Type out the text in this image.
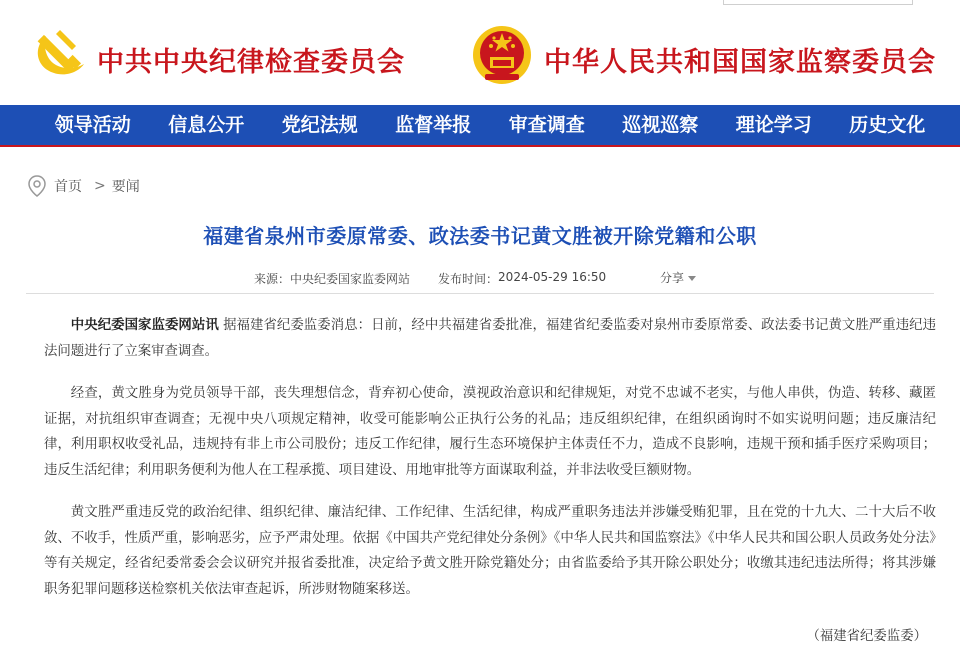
中共中央纪律检查委员会	中华人民共和国国家监察委员会
领导活动	信息公开	党纪法规	监督举报	审查调查	巡视巡察	理论学习	历史文化
首页 > 要闻
福建省泉州市委原常委、政法委书记黄文胜被开除党籍和公职
来源： 中央纪委国家监委网站 发布时间： 2024-05-29 16:50	分享

中央纪委国家监委网站讯 据福建省纪委监委消息：日前，经中共福建省委批准，福建省纪委监委对泉州市委原常委、政法委书记黄文胜严重违纪违法问题进行了立案审查调查。

经查，黄文胜身为党员领导干部，丧失理想信念，背弃初心使命，漠视政治意识和纪律规矩，对党不忠诚不老实，与他人串供，伪造、转移、藏匿证据，对抗组织审查调查；无视中央八项规定精神，收受可能影响公正执行公务的礼品；违反组织纪律，在组织函询时不如实说明问题；违反廉洁纪律，利用职权收受礼品，违规持有非上市公司股份；违反工作纪律，履行生态环境保护主体责任不力，造成不良影响，违规干预和插手医疗采购项目；违反生活纪律；利用职务便利为他人在工程承揽、项目建设、用地审批等方面谋取利益，并非法收受巨额财物。

黄文胜严重违反党的政治纪律、组织纪律、廉洁纪律、工作纪律、生活纪律，构成严重职务违法并涉嫌受贿犯罪，且在党的十九大、二十大后不收敛、不收手，性质严重，影响恶劣，应予严肃处理。依据《中国共产党纪律处分条例》《中华人民共和国监察法》《中华人民共和国公职人员政务处分法》等有关规定，经省纪委常委会会议研究并报省委批准，决定给予黄文胜开除党籍处分；由省监委给予其开除公职处分；收缴其违纪违法所得；将其涉嫌职务犯罪问题移送检察机关依法审查起诉，所涉财物随案移送。

（福建省纪委监委）
